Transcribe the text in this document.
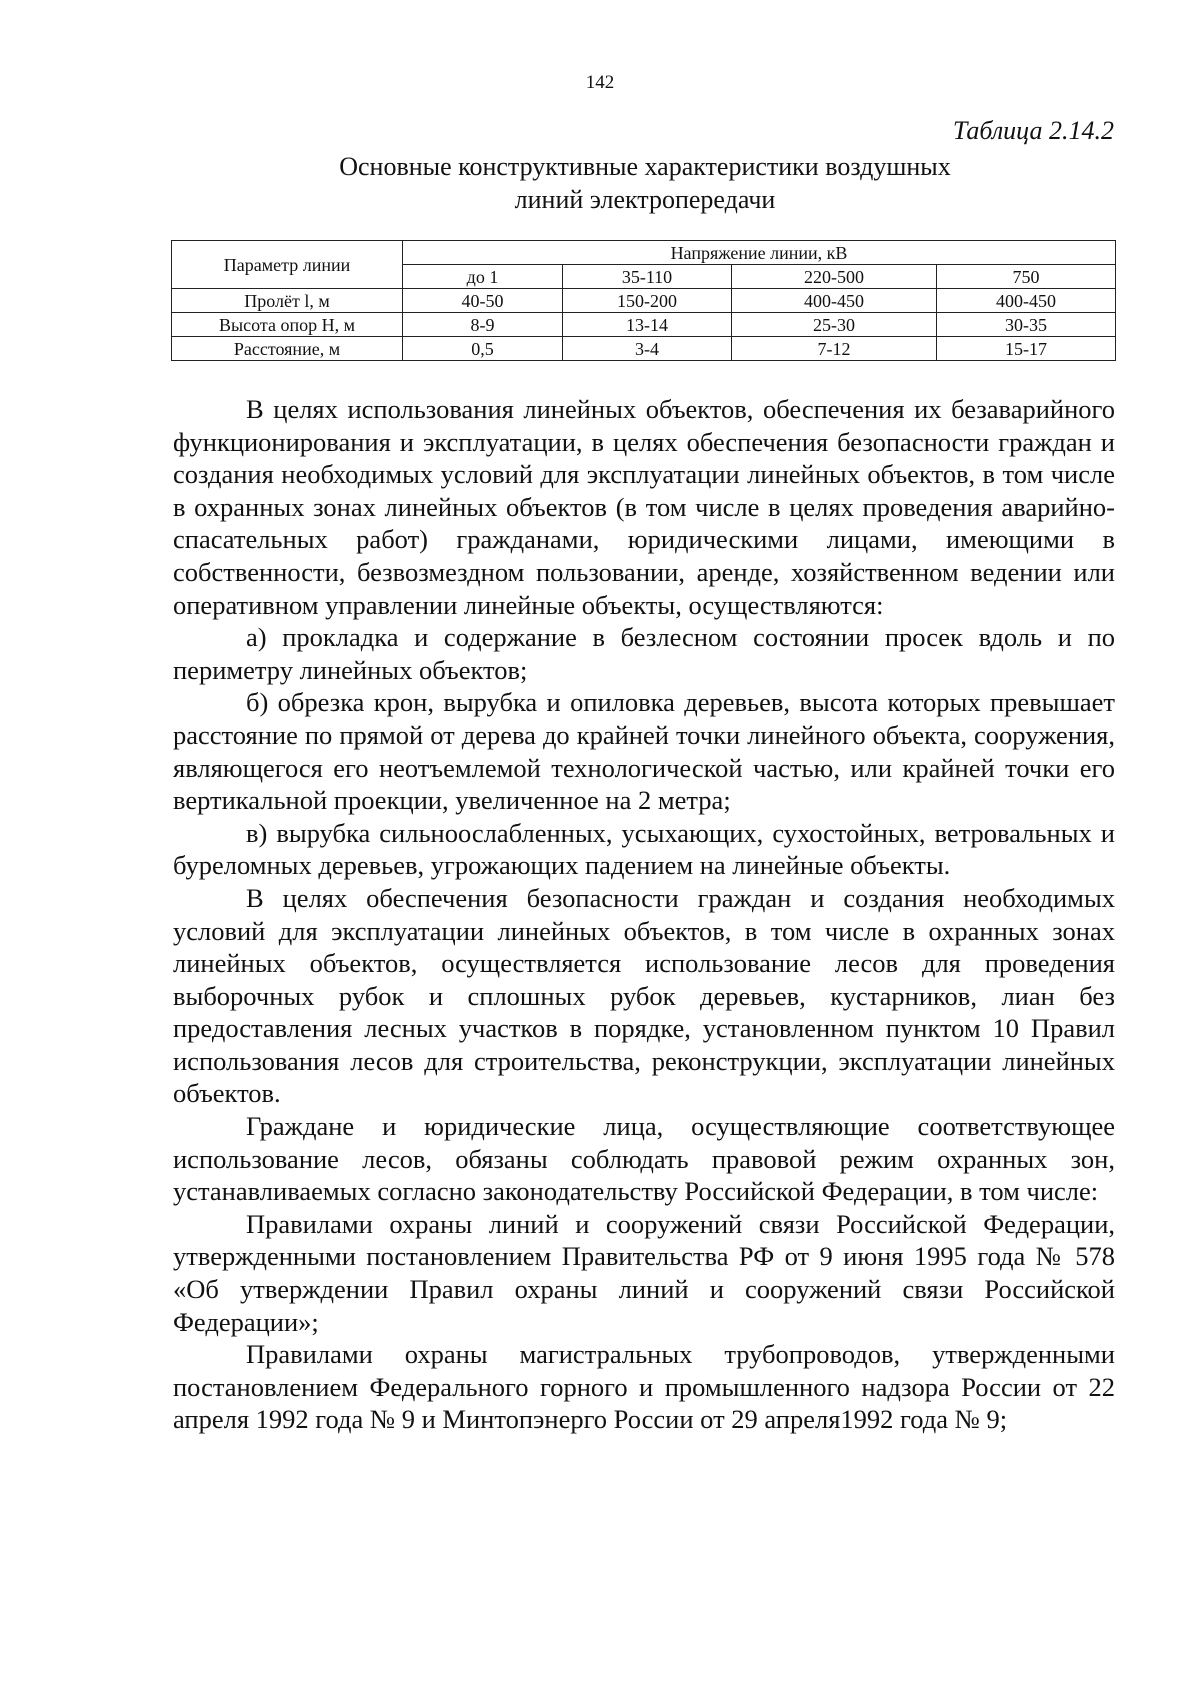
142
Таблица 2.14.2
Основные конструктивные характеристики воздушных
линий электропередачи
Параметр линии	Напряжение линии, кВ			
	до 1	35-110	220-500	750
Пролёт l, м	40-50	150-200	400-450	400-450
Высота опор Н, м	8-9	13-14	25-30	30-35
Расстояние, м	0,5	3-4	7-12	15-17

В целях использования линейных объектов, обеспечения их безаварийного функционирования и эксплуатации, в целях обеспечения безопасности граждан и создания необходимых условий для эксплуатации линейных объектов, в том числе в охранных зонах линейных объектов (в том числе в целях проведения аварийно-спасательных работ) гражданами, юридическими лицами, имеющими в собственности, безвозмездном пользовании, аренде, хозяйственном ведении или оперативном управлении линейные объекты, осуществляются:

а) прокладка и содержание в безлесном состоянии просек вдоль и по периметру линейных объектов;

б) обрезка крон, вырубка и опиловка деревьев, высота которых превышает расстояние по прямой от дерева до крайней точки линейного объекта, сооружения, являющегося его неотъемлемой технологической частью, или крайней точки его вертикальной проекции, увеличенное на 2 метра;

в) вырубка сильноослабленных, усыхающих, сухостойных, ветровальных и буреломных деревьев, угрожающих падением на линейные объекты.

В целях обеспечения безопасности граждан и создания необходимых условий для эксплуатации линейных объектов, в том числе в охранных зонах линейных объектов, осуществляется использование лесов для проведения выборочных рубок и сплошных рубок деревьев, кустарников, лиан без предоставления лесных участков в порядке, установленном пунктом 10 Правил использования лесов для строительства, реконструкции, эксплуатации линейных объектов.

Граждане и юридические лица, осуществляющие соответствующее использование лесов, обязаны соблюдать правовой режим охранных зон, устанавливаемых согласно законодательству Российской Федерации, в том числе:

Правилами охраны линий и сооружений связи Российской Федерации, утвержденными постановлением Правительства РФ от 9 июня 1995 года № 578 «Об утверждении Правил охраны линий и сооружений связи Российской Федерации»;

Правилами охраны магистральных трубопроводов, утвержденными постановлением Федерального горного и промышленного надзора России от 22 апреля 1992 года № 9 и Минтопэнерго России от 29 апреля1992 года № 9;
